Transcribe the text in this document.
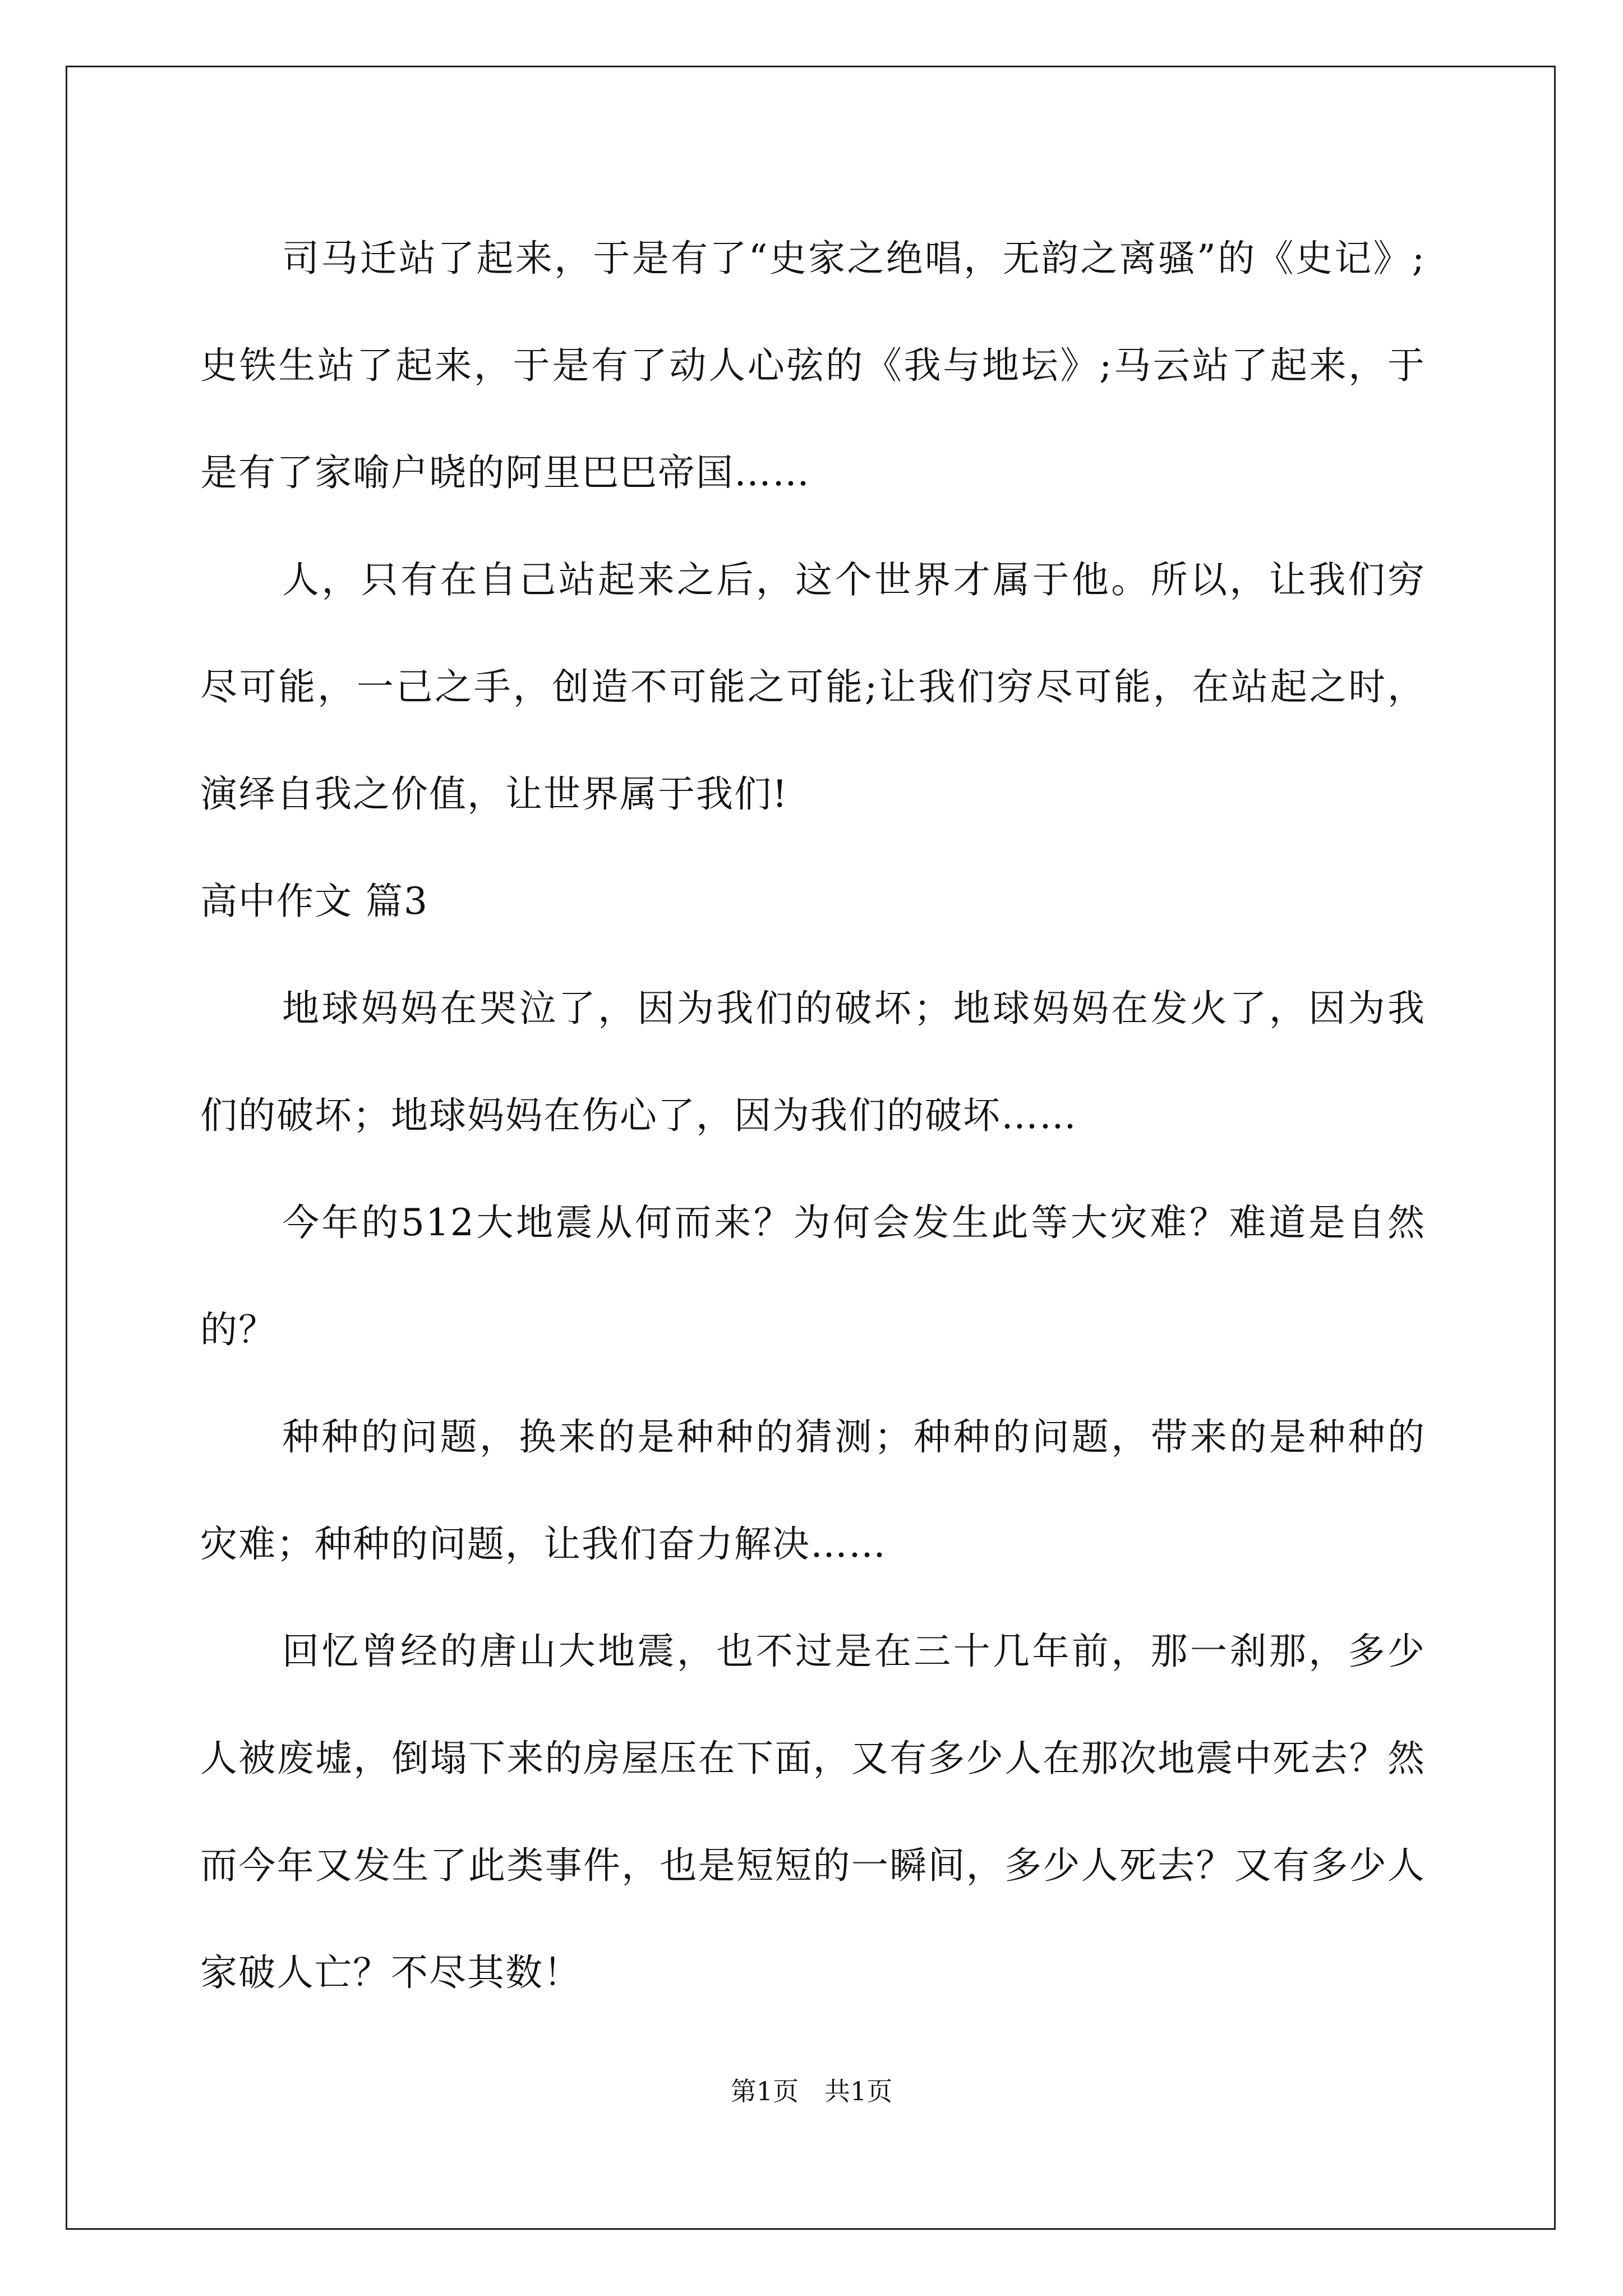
司马迁站了起来，于是有了“史家之绝唱，无韵之离骚”的《史记》;史铁生站了起来，于是有了动人心弦的《我与地坛》;马云站了起来，于是有了家喻户晓的阿里巴巴帝国……

人，只有在自己站起来之后，这个世界才属于他。所以，让我们穷尽可能，一己之手，创造不可能之可能;让我们穷尽可能，在站起之时，演绎自我之价值，让世界属于我们!

高中作文 篇3

地球妈妈在哭泣了，因为我们的破坏；地球妈妈在发火了，因为我们的破坏；地球妈妈在伤心了，因为我们的破坏……

今年的512大地震从何而来？为何会发生此等大灾难？难道是自然的？

种种的问题，换来的是种种的猜测；种种的问题，带来的是种种的灾难；种种的问题，让我们奋力解决……

回忆曾经的唐山大地震，也不过是在三十几年前，那一刹那，多少人被废墟，倒塌下来的房屋压在下面，又有多少人在那次地震中死去？然而今年又发生了此类事件，也是短短的一瞬间，多少人死去？又有多少人家破人亡？不尽其数！

第1页　共1页
